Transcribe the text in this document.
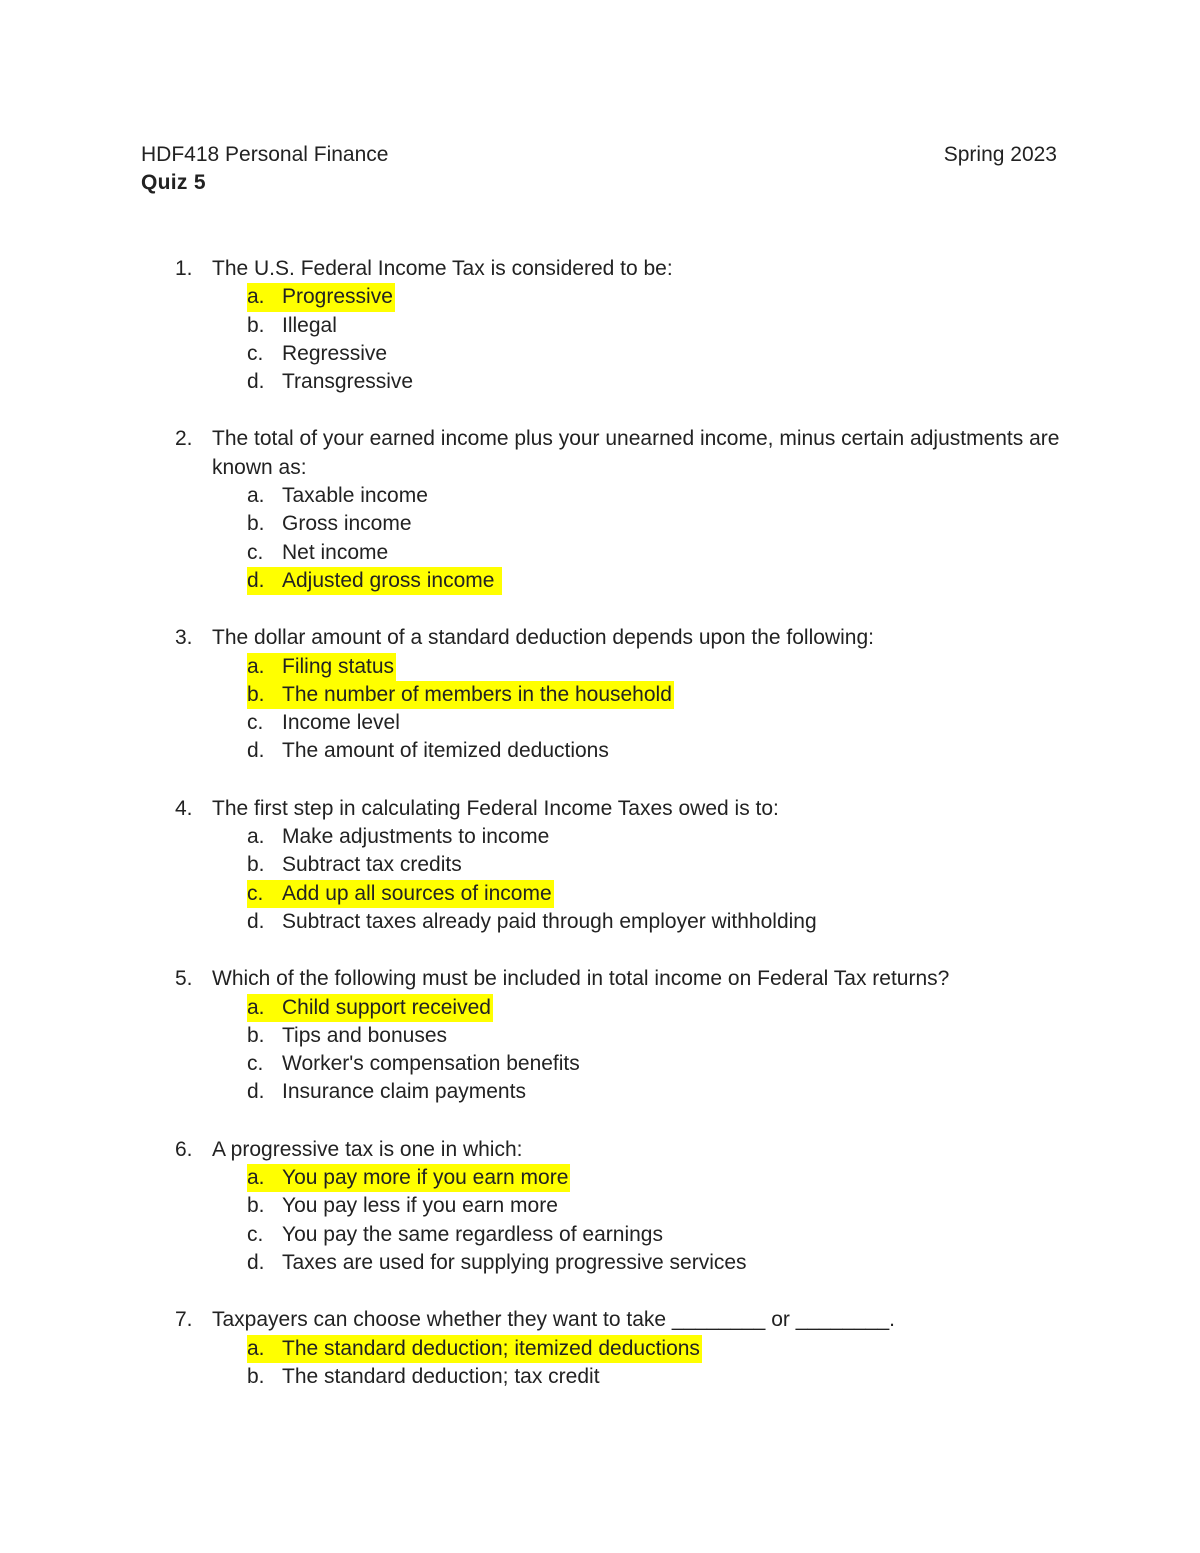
HDF418 Personal Finance	Spring 2023
Quiz 5
1. The U.S. Federal Income Tax is considered to be:
a. Progressive
b. Illegal
c. Regressive
d. Transgressive
2. The total of your earned income plus your unearned income, minus certain adjustments are known as:
a. Taxable income
b. Gross income
c. Net income
d. Adjusted gross income
3. The dollar amount of a standard deduction depends upon the following:
a. Filing status
b. The number of members in the household
c. Income level
d. The amount of itemized deductions
4. The first step in calculating Federal Income Taxes owed is to:
a. Make adjustments to income
b. Subtract tax credits
c. Add up all sources of income
d. Subtract taxes already paid through employer withholding
5. Which of the following must be included in total income on Federal Tax returns?
a. Child support received
b. Tips and bonuses
c. Worker's compensation benefits
d. Insurance claim payments
6. A progressive tax is one in which:
a. You pay more if you earn more
b. You pay less if you earn more
c. You pay the same regardless of earnings
d. Taxes are used for supplying progressive services
7. Taxpayers can choose whether they want to take ________ or ________.
a. The standard deduction; itemized deductions
b. The standard deduction; tax credit
